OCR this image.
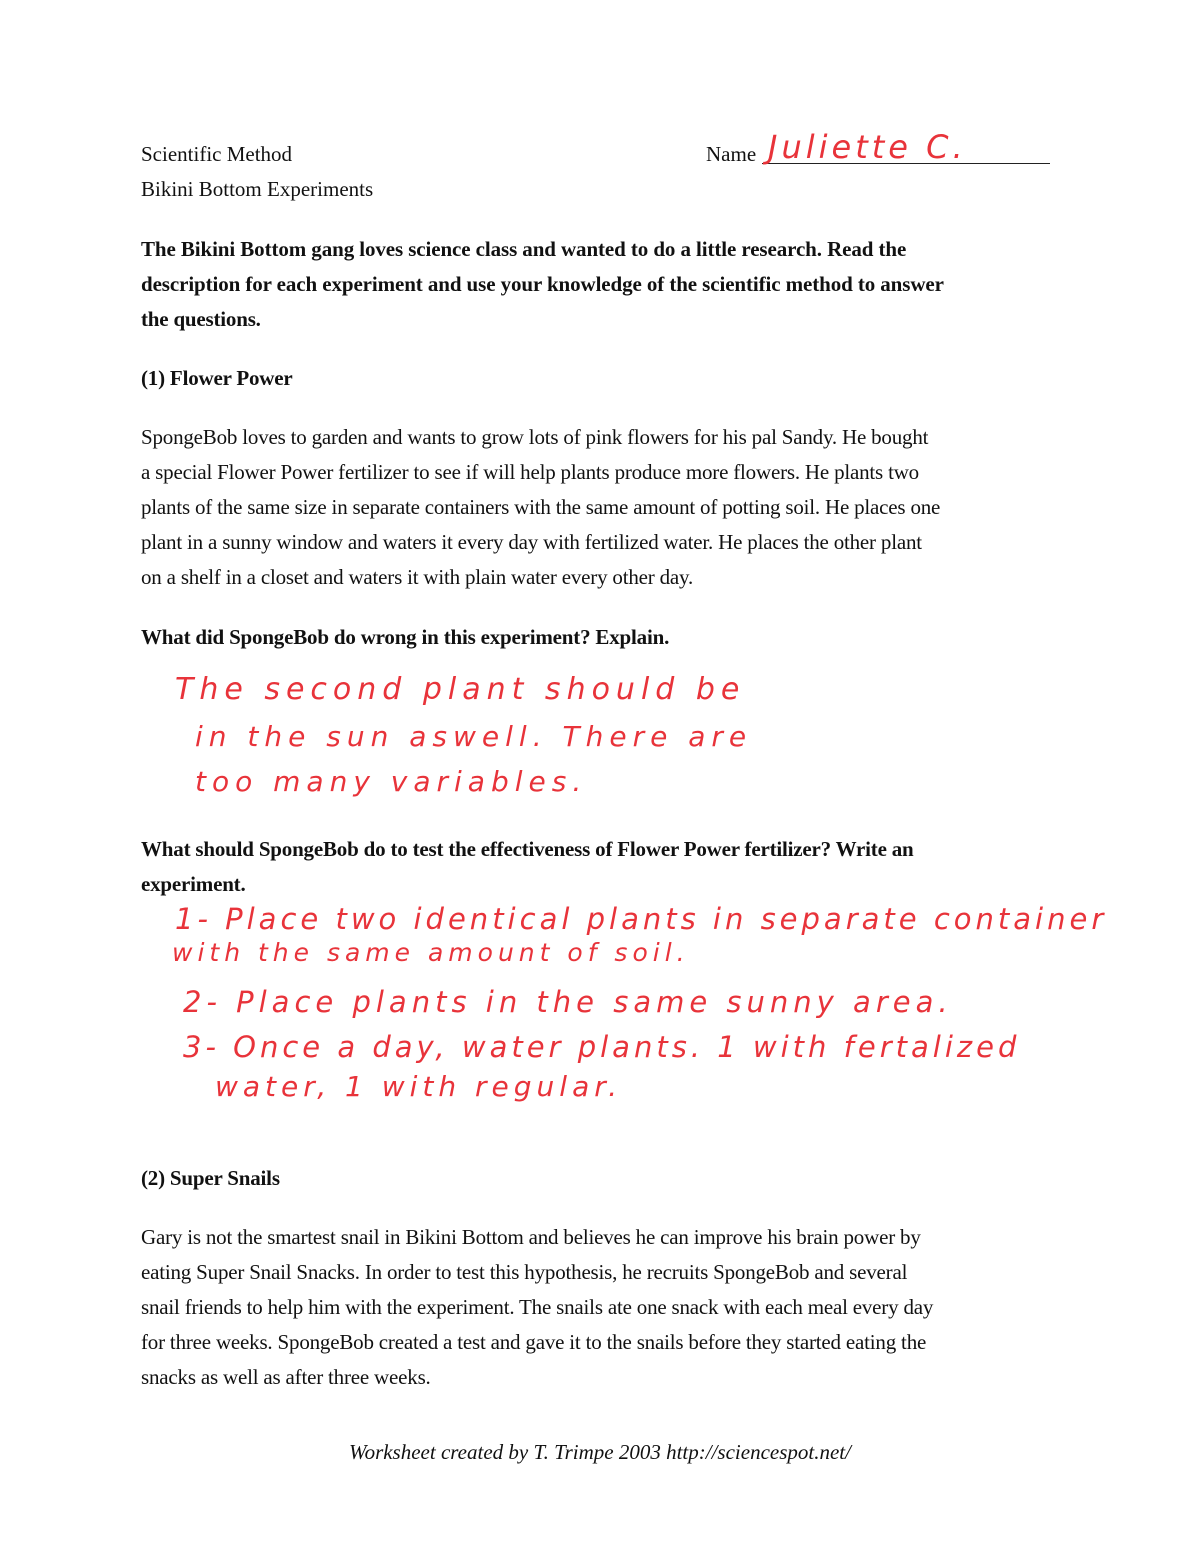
Scientific Method
Bikini Bottom Experiments
Name Juliette C.
The Bikini Bottom gang loves science class and wanted to do a little research. Read the
description for each experiment and use your knowledge of the scientific method to answer
the questions.
(1) Flower Power
SpongeBob loves to garden and wants to grow lots of pink flowers for his pal Sandy. He bought
a special Flower Power fertilizer to see if will help plants produce more flowers. He plants two
plants of the same size in separate containers with the same amount of potting soil. He places one
plant in a sunny window and waters it every day with fertilized water. He places the other plant
on a shelf in a closet and waters it with plain water every other day.
What did SpongeBob do wrong in this experiment? Explain.
The second plant should be
in the sun aswell. There are
too many variables.
What should SpongeBob do to test the effectiveness of Flower Power fertilizer? Write an
experiment.
1- Place two identical plants in separate container
with the same amount of soil.
2- Place plants in the same sunny area.
3- Once a day, water plants. 1 with fertalized
water, 1 with regular.
(2) Super Snails
Gary is not the smartest snail in Bikini Bottom and believes he can improve his brain power by
eating Super Snail Snacks. In order to test this hypothesis, he recruits SpongeBob and several
snail friends to help him with the experiment. The snails ate one snack with each meal every day
for three weeks. SpongeBob created a test and gave it to the snails before they started eating the
snacks as well as after three weeks.
Worksheet created by T. Trimpe 2003 http://sciencespot.net/
